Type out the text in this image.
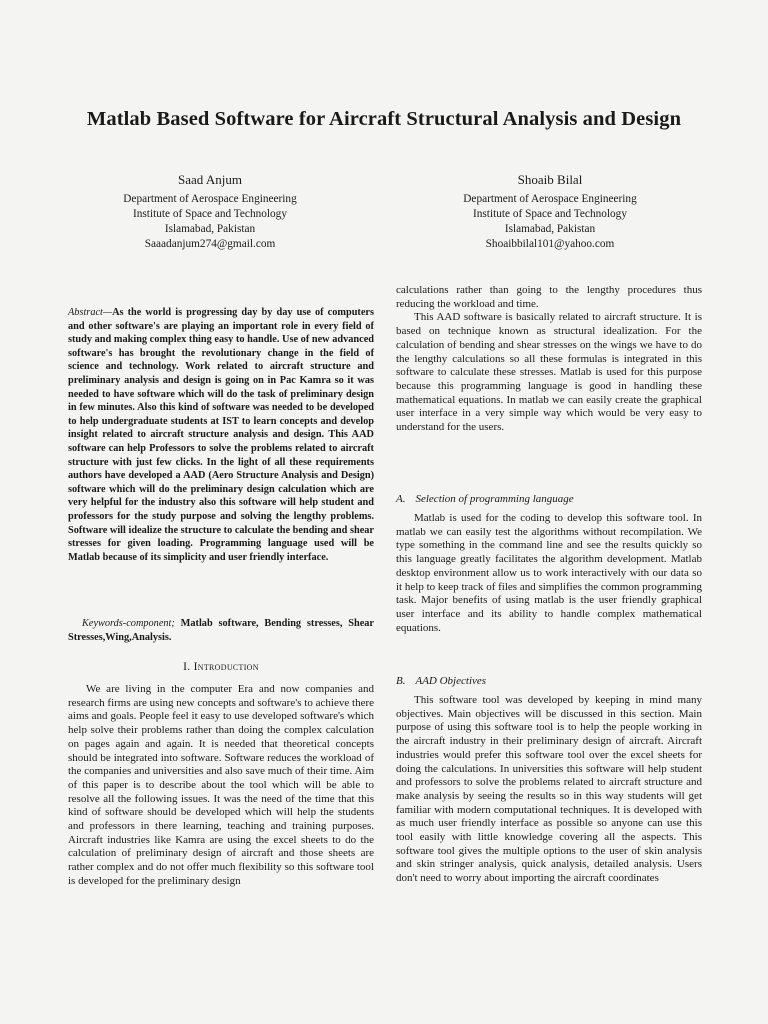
Matlab Based Software for Aircraft Structural Analysis and Design
Saad Anjum
Department of Aerospace Engineering
Institute of Space and Technology
Islamabad, Pakistan
Saaadanjum274@gmail.com
Shoaib Bilal
Department of Aerospace Engineering
Institute of Space and Technology
Islamabad, Pakistan
Shoaibbilal101@yahoo.com
Abstract—As the world is progressing day by day use of computers and other software's are playing an important role in every field of study and making complex thing easy to handle. Use of new advanced software's has brought the revolutionary change in the field of science and technology. Work related to aircraft structure and preliminary analysis and design is going on in Pac Kamra so it was needed to have software which will do the task of preliminary design in few minutes. Also this kind of software was needed to be developed to help undergraduate students at IST to learn concepts and develop insight related to aircraft structure analysis and design. This AAD software can help Professors to solve the problems related to aircraft structure with just few clicks. In the light of all these requirements authors have developed a AAD (Aero Structure Analysis and Design) software which will do the preliminary design calculation which are very helpful for the industry also this software will help student and professors for the study purpose and solving the lengthy problems. Software will idealize the structure to calculate the bending and shear stresses for given loading. Programming language used will be Matlab because of its simplicity and user friendly interface.
Keywords-component; Matlab software, Bending stresses, Shear Stresses,Wing,Analysis.
I. Introduction

We are living in the computer Era and now companies and research firms are using new concepts and software's to achieve there aims and goals. People feel it easy to use developed software's which help solve their problems rather than doing the complex calculation on pages again and again. It is needed that theoretical concepts should be integrated into software. Software reduces the workload of the companies and universities and also save much of their time. Aim of this paper is to describe about the tool which will be able to resolve all the following issues. It was the need of the time that this kind of software should be developed which will help the students and professors in there learning, teaching and training purposes. Aircraft industries like Kamra are using the excel sheets to do the calculation of preliminary design of aircraft and those sheets are rather complex and do not offer much flexibility so this software tool is developed for the preliminary design

calculations rather than going to the lengthy procedures thus reducing the workload and time.

This AAD software is basically related to aircraft structure. It is based on technique known as structural idealization. For the calculation of bending and shear stresses on the wings we have to do the lengthy calculations so all these formulas is integrated in this software to calculate these stresses. Matlab is used for this purpose because this programming language is good in handling these mathematical equations. In matlab we can easily create the graphical user interface in a very simple way which would be very easy to understand for the users.

A. Selection of programming language

Matlab is used for the coding to develop this software tool. In matlab we can easily test the algorithms without recompilation. We type something in the command line and see the results quickly so this language greatly facilitates the algorithm development. Matlab desktop environment allow us to work interactively with our data so it help to keep track of files and simplifies the common programming task. Major benefits of using matlab is the user friendly graphical user interface and its ability to handle complex mathematical equations.

B. AAD Objectives

This software tool was developed by keeping in mind many objectives. Main objectives will be discussed in this section. Main purpose of using this software tool is to help the people working in the aircraft industry in their preliminary design of aircraft. Aircraft industries would prefer this software tool over the excel sheets for doing the calculations. In universities this software will help student and professors to solve the problems related to aircraft structure and make analysis by seeing the results so in this way students will get familiar with modern computational techniques. It is developed with as much user friendly interface as possible so anyone can use this tool easily with little knowledge covering all the aspects. This software tool gives the multiple options to the user of skin analysis and skin stringer analysis, quick analysis, detailed analysis. Users don't need to worry about importing the aircraft coordinates
